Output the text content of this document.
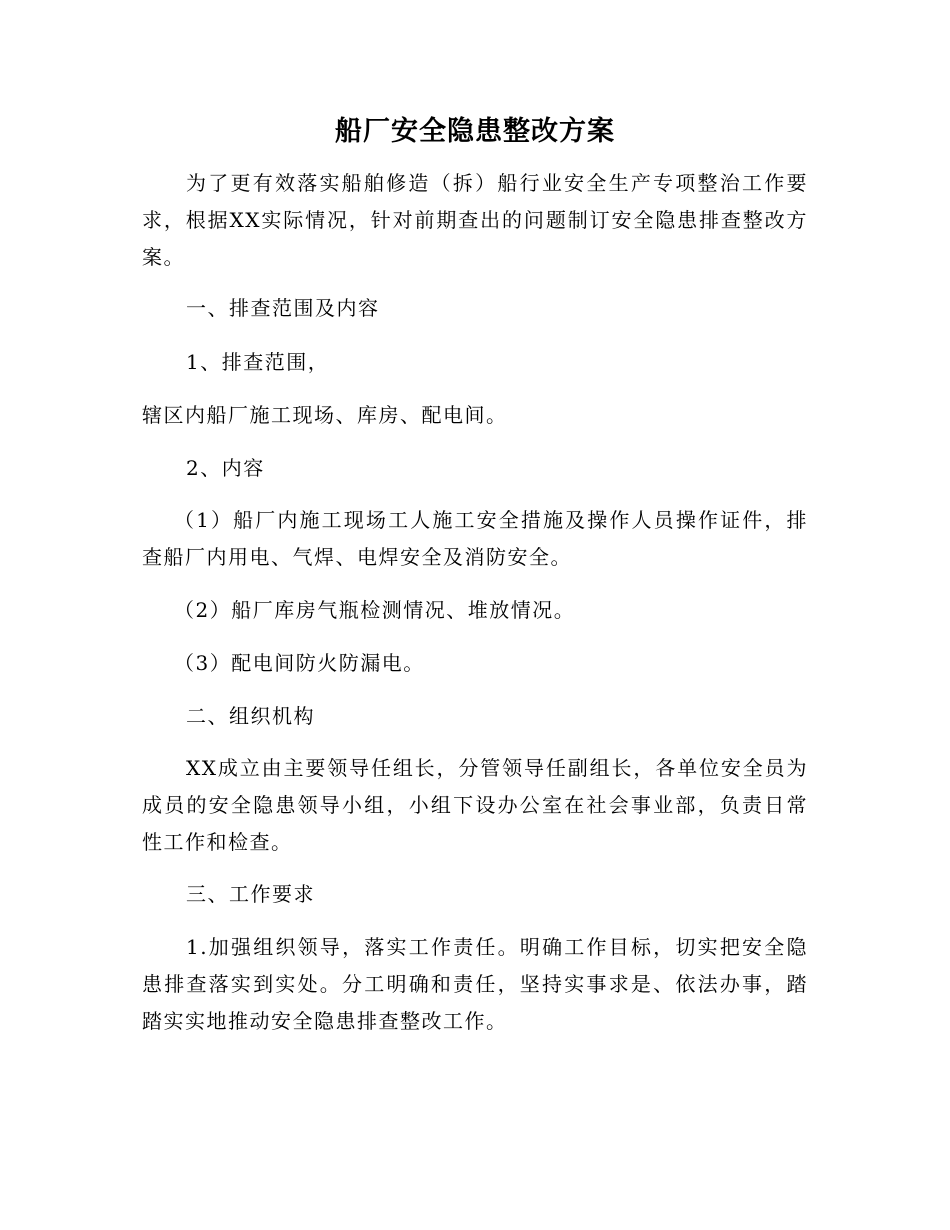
船厂安全隐患整改方案

为了更有效落实船舶修造（拆）船行业安全生产专项整治工作要求，根据XX实际情况，针对前期查出的问题制订安全隐患排查整改方案。

一、排查范围及内容

1、排查范围，

辖区内船厂施工现场、库房、配电间。

2、内容

（1）船厂内施工现场工人施工安全措施及操作人员操作证件，排查船厂内用电、气焊、电焊安全及消防安全。

（2）船厂库房气瓶检测情况、堆放情况。

（3）配电间防火防漏电。

二、组织机构

XX成立由主要领导任组长，分管领导任副组长，各单位安全员为成员的安全隐患领导小组，小组下设办公室在社会事业部，负责日常性工作和检查。

三、工作要求

1.加强组织领导，落实工作责任。明确工作目标，切实把安全隐患排查落实到实处。分工明确和责任，坚持实事求是、依法办事，踏踏实实地推动安全隐患排查整改工作。
